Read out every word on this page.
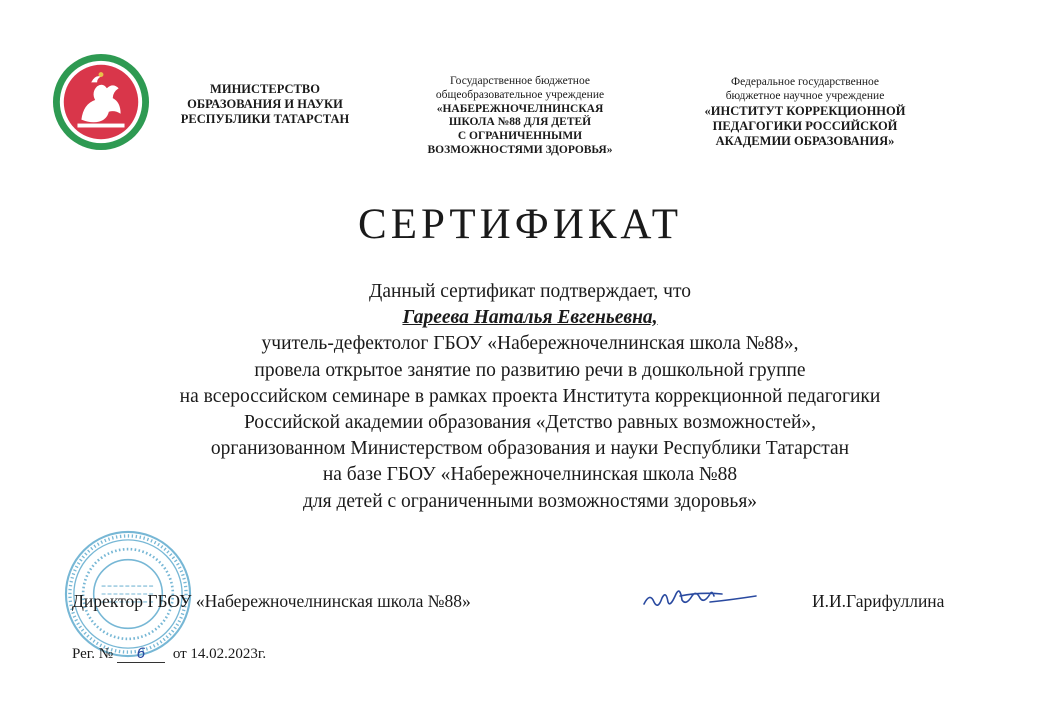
МИНИСТЕРСТВО
ОБРАЗОВАНИЯ И НАУКИ
РЕСПУБЛИКИ ТАТАРСТАН
Государственное бюджетное
общеобразовательное учреждение
«НАБЕРЕЖНОЧЕЛНИНСКАЯ
ШКОЛА №88 ДЛЯ ДЕТЕЙ
С ОГРАНИЧЕННЫМИ
ВОЗМОЖНОСТЯМИ ЗДОРОВЬЯ»
Федеральное государственное
бюджетное научное учреждение
«ИНСТИТУТ КОРРЕКЦИОННОЙ
ПЕДАГОГИКИ РОССИЙСКОЙ
АКАДЕМИИ ОБРАЗОВАНИЯ»
СЕРТИФИКАТ
Данный сертификат подтверждает, что
Гареева Наталья Евгеньевна,
учитель-дефектолог ГБОУ «Набережночелнинская школа №88»,
провела открытое занятие по развитию речи в дошкольной группе
на всероссийском семинаре в рамках проекта Института коррекционной педагогики
Российской академии образования «Детство равных возможностей»,
организованном Министерством образования и науки Республики Татарстан
на базе ГБОУ «Набережночелнинская школа №88
для детей с ограниченными возможностями здоровья»
Директор ГБОУ «Набережночелнинская школа №88»	И.И.Гарифуллина
Рег. № 6 от 14.02.2023г.
